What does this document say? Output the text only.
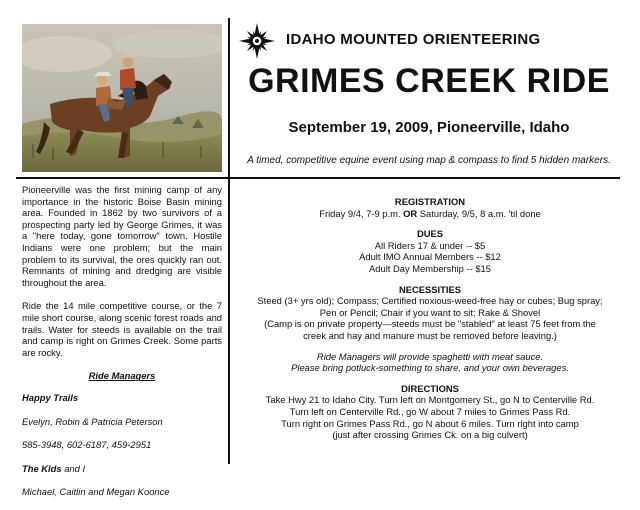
IDAHO MOUNTED ORIENTEERING
GRIMES CREEK RIDE
September 19, 2009, Pioneerville, Idaho
A timed, competitive equine event using map & compass to find 5 hidden markers.

Pioneerville was the first mining camp of any importance in the historic Boise Basin mining area. Founded in 1862 by two survivors of a prospecting party led by George Grimes, it was a "here today, gone tomorrow" town. Hostile Indians were one problem; but the main problem to its survival, the ores quickly ran out. Remnants of mining and dredging are visible throughout the area.

Ride the 14 mile competitive course, or the 7 mile short course, along scenic forest roads and trails. Water for steeds is available on the trail and camp is right on Grimes Creek. Some parts are rocky.

Ride Managers

Happy Trails

Evelyn, Robin & Patricia Peterson

585-3948, 602-6187, 459-2951

The Kids and I

Michael, Caitlin and Megan Koonce

REGISTRATION

Friday 9/4, 7-9 p.m. OR Saturday, 9/5, 8 a.m. 'til done

DUES

All Riders 17 & under -- $5

Adult IMO Annual Members -- $12

Adult Day Membership -- $15

NECESSITIES

Steed (3+ yrs old); Compass; Certified noxious-weed-free hay or cubes; Bug spray;

Pen or Pencil; Chair if you want to sit; Rake & Shovel

(Camp is on private property—steeds must be "stabled" at least 75 feet from the

creek and hay and manure must be removed before leaving.)

Ride Managers will provide spaghetti with meat sauce.

Please bring potluck-something to share, and your own beverages.

DIRECTIONS

Take Hwy 21 to Idaho City. Turn left on Montgomery St., go N to Centerville Rd.

Turn left on Centerville Rd., go W about 7 miles to Grimes Pass Rd.

Turn right on Grimes Pass Rd., go N about 6 miles. Turn right into camp

(just after crossing Grimes Ck. on a big culvert)
